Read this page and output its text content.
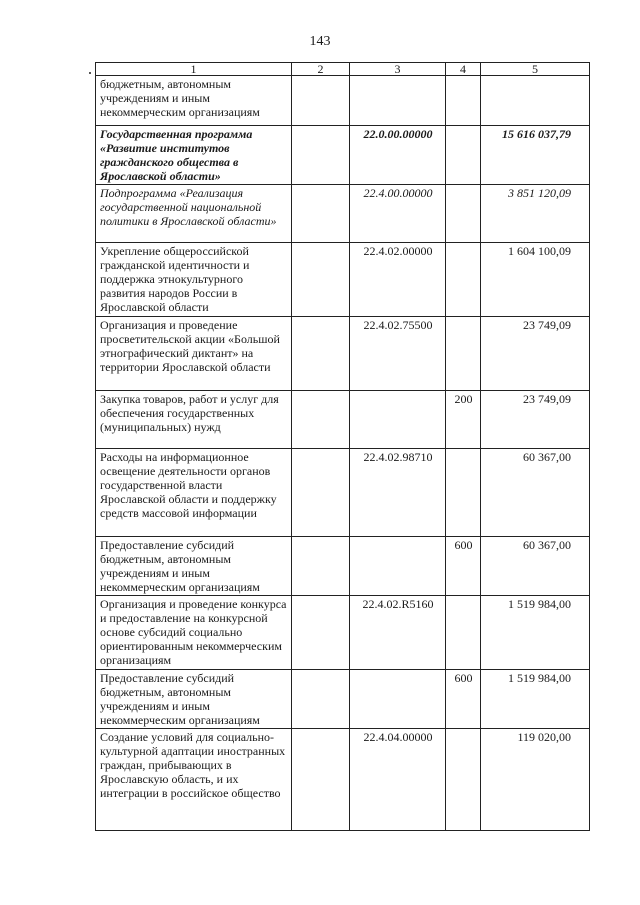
143
1	2	3	4	5
бюджетным, автономным учреждениям и иным некоммерческим организациям				
Государственная программа «Развитие институтов гражданского общества в Ярославской области»		22.0.00.00000		15 616 037,79
Подпрограмма «Реализация государственной национальной политики в Ярославской области»		22.4.00.00000		3 851 120,09
Укрепление общероссийской гражданской идентичности и поддержка этнокультурного развития народов России в Ярославской области		22.4.02.00000		1 604 100,09
Организация и проведение просветительской акции «Большой этнографический диктант» на территории Ярославской области		22.4.02.75500		23 749,09
Закупка товаров, работ и услуг для обеспечения государственных (муниципальных) нужд			200	23 749,09
Расходы на информационное освещение деятельности органов государственной власти Ярославской области и поддержку средств массовой информации		22.4.02.98710		60 367,00
Предоставление субсидий бюджетным, автономным учреждениям и иным некоммерческим организациям			600	60 367,00
Организация и проведение конкурса и предоставление на конкурсной основе субсидий социально ориентированным некоммерческим организациям		22.4.02.R5160		1 519 984,00
Предоставление субсидий бюджетным, автономным учреждениям и иным некоммерческим организациям			600	1 519 984,00
Создание условий для социально-культурной адаптации иностранных граждан, прибывающих в Ярославскую область, и их интеграции в российское общество		22.4.04.00000		119 020,00
